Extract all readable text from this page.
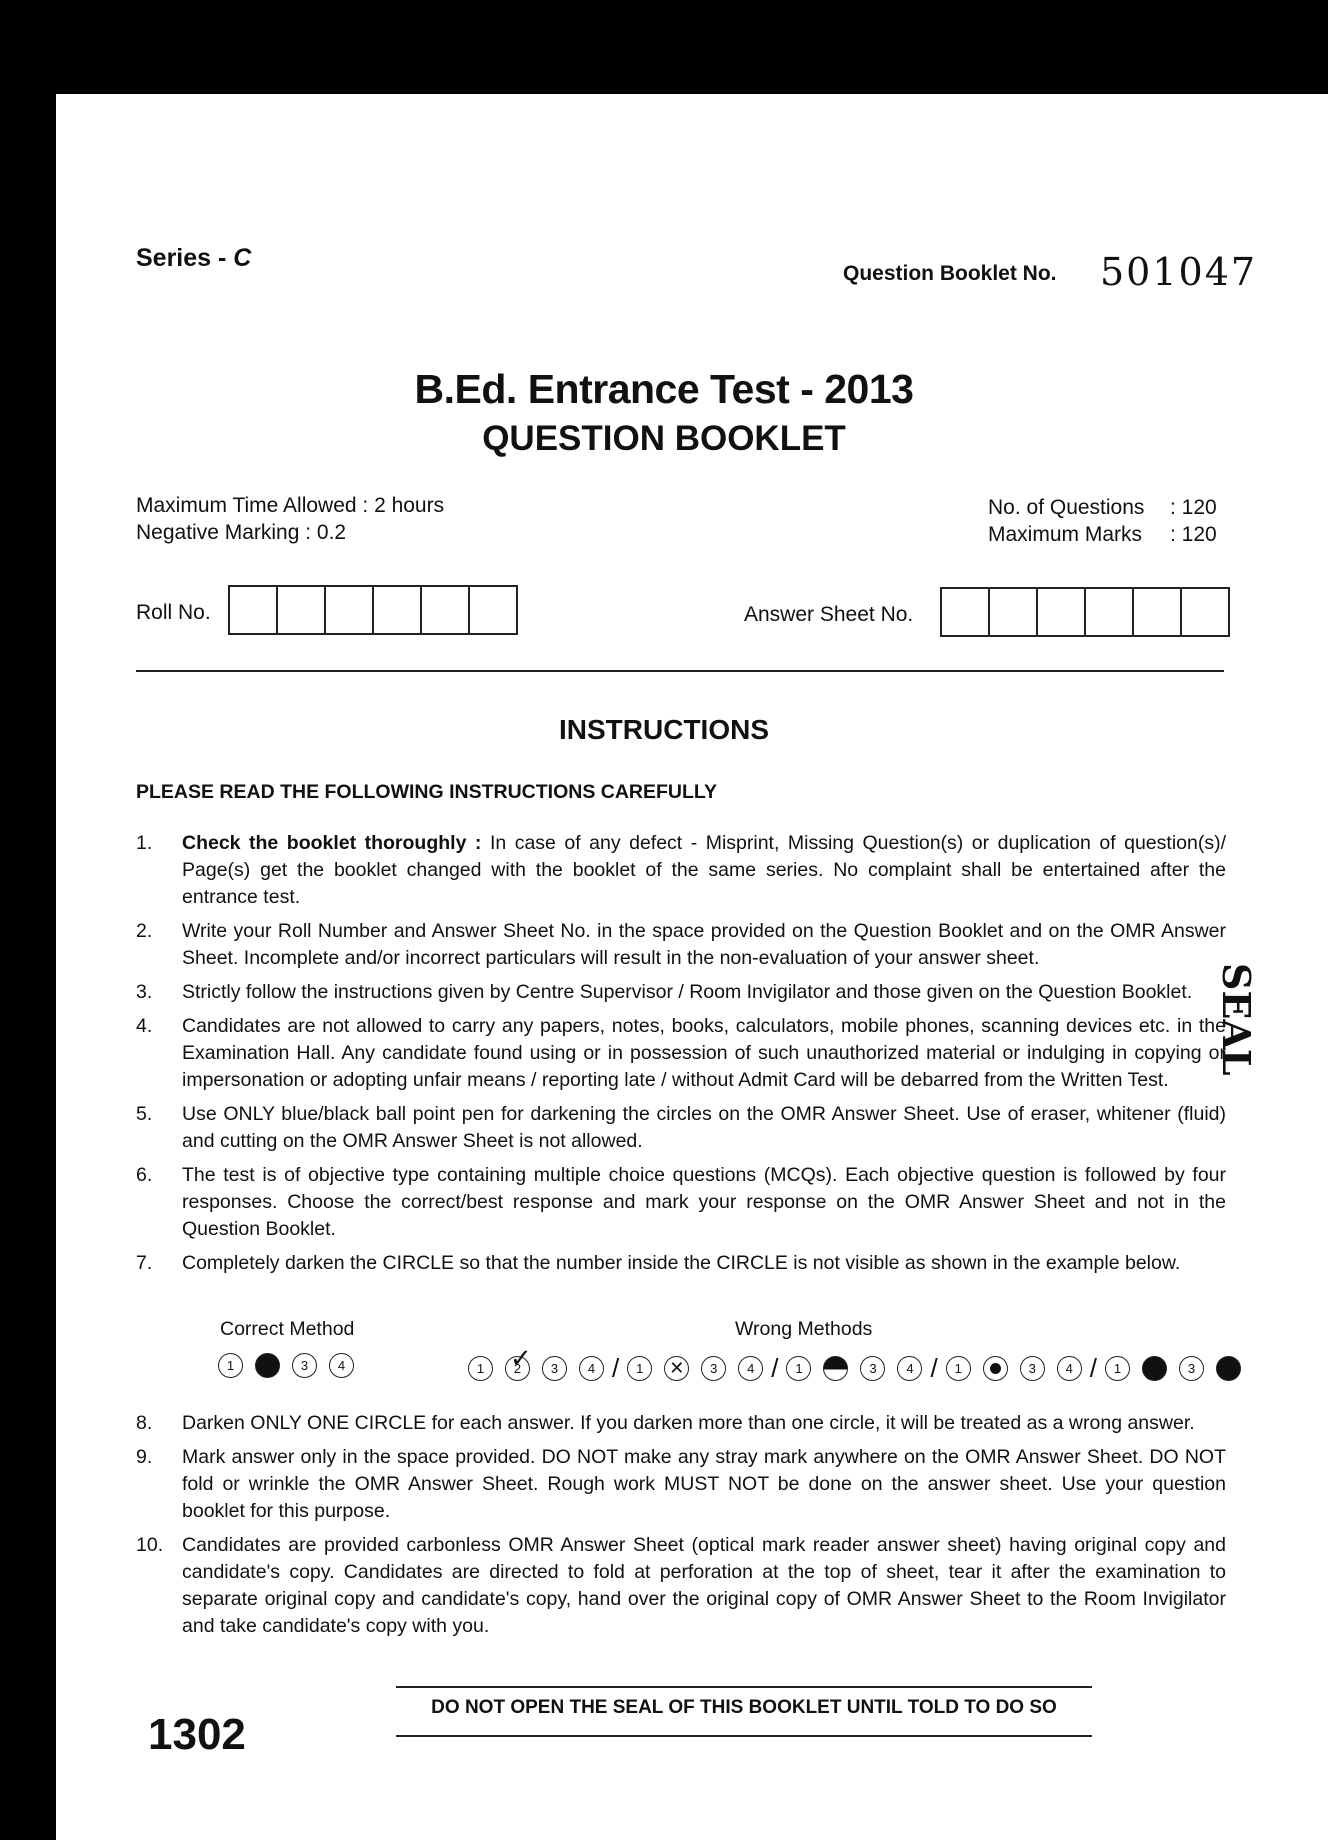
Series - C
Question Booklet No. 501047
B.Ed. Entrance Test - 2013
QUESTION BOOKLET
Maximum Time Allowed : 2 hours
Negative Marking : 0.2
No. of Questions	: 120
Maximum Marks	: 120
Roll No.	Answer Sheet No.
INSTRUCTIONS
PLEASE READ THE FOLLOWING INSTRUCTIONS CAREFULLY
1.	Check the booklet thoroughly : In case of any defect - Misprint, Missing Question(s) or duplication of question(s)/ Page(s) get the booklet changed with the booklet of the same series. No complaint shall be entertained after the entrance test.
2.	Write your Roll Number and Answer Sheet No. in the space provided on the Question Booklet and on the OMR Answer Sheet. Incomplete and/or incorrect particulars will result in the non-evaluation of your answer sheet.
3.	Strictly follow the instructions given by Centre Supervisor / Room Invigilator and those given on the Question Booklet.
4.	Candidates are not allowed to carry any papers, notes, books, calculators, mobile phones, scanning devices etc. in the Examination Hall. Any candidate found using or in possession of such unauthorized material or indulging in copying or impersonation or adopting unfair means / reporting late / without Admit Card will be debarred from the Written Test.
5.	Use ONLY blue/black ball point pen for darkening the circles on the OMR Answer Sheet. Use of eraser, whitener (fluid) and cutting on the OMR Answer Sheet is not allowed.
6.	The test is of objective type containing multiple choice questions (MCQs). Each objective question is followed by four responses. Choose the correct/best response and mark your response on the OMR Answer Sheet and not in the Question Booklet.
7.	Completely darken the CIRCLE so that the number inside the CIRCLE is not visible as shown in the example below.
Correct Method	Wrong Methods
1	2	3	4	1	2 ✓	3	4 /	1
✕	3	4 /	1	3	4 /	1	3	4 /	1	3
8.	Darken ONLY ONE CIRCLE for each answer. If you darken more than one circle, it will be treated as a wrong answer.
9.	Mark answer only in the space provided. DO NOT make any stray mark anywhere on the OMR Answer Sheet. DO NOT fold or wrinkle the OMR Answer Sheet. Rough work MUST NOT be done on the answer sheet. Use your question booklet for this purpose.
10. Candidates are provided carbonless OMR Answer Sheet (optical mark reader answer sheet) having original copy and candidate's copy. Candidates are directed to fold at perforation at the top of sheet, tear it after the examination to separate original copy and candidate's copy, hand over the original copy of OMR Answer Sheet to the Room Invigilator and take candidate's copy with you.
DO NOT OPEN THE SEAL OF THIS BOOKLET UNTIL TOLD TO DO SO
1302
SEAL
